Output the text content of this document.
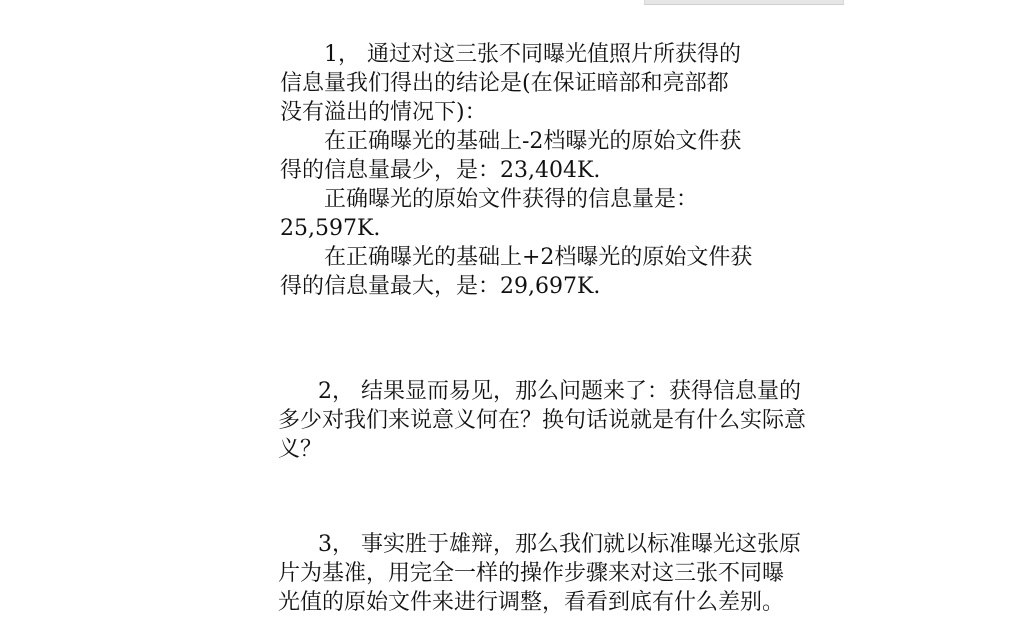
1， 通过对这三张不同曝光值照片所获得的
信息量我们得出的结论是(在保证暗部和亮部都
没有溢出的情况下)：
在正确曝光的基础上-2档曝光的原始文件获
得的信息量最少，是：23,404K.
正确曝光的原始文件获得的信息量是：
25,597K.
在正确曝光的基础上+2档曝光的原始文件获
得的信息量最大，是：29,697K.
2， 结果显而易见，那么问题来了：获得信息量的
多少对我们来说意义何在？换句话说就是有什么实际意
义？
3， 事实胜于雄辩，那么我们就以标准曝光这张原
片为基准，用完全一样的操作步骤来对这三张不同曝
光值的原始文件来进行调整，看看到底有什么差别。
